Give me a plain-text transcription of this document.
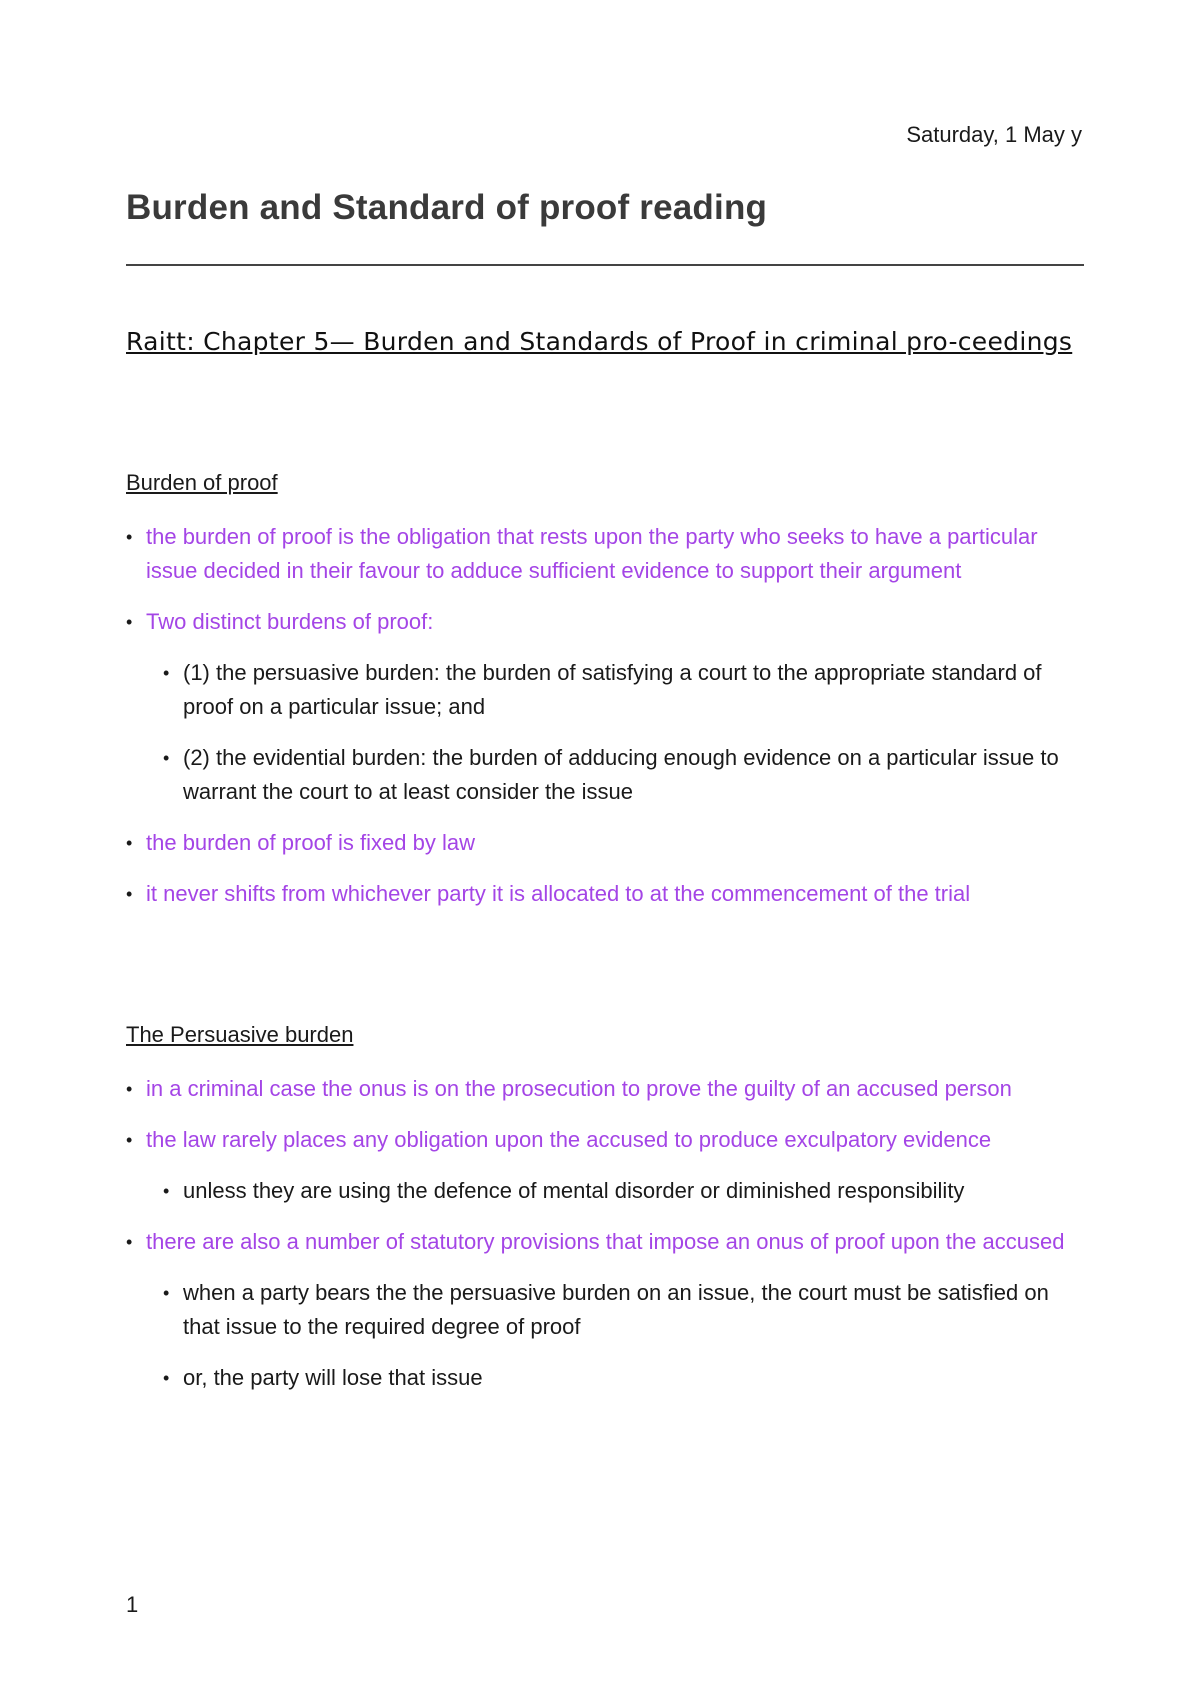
Saturday, 1 May y
Burden and Standard of proof reading
Raitt: Chapter 5— Burden and Standards of Proof in criminal pro-ceedings
Burden of proof
• the burden of proof is the obligation that rests upon the party who seeks to have a particular issue decided in their favour to adduce sufficient evidence to support their argument
• Two distinct burdens of proof:
• (1) the persuasive burden: the burden of satisfying a court to the appropriate standard of proof on a particular issue; and
• (2) the evidential burden: the burden of adducing enough evidence on a particular issue to warrant the court to at least consider the issue
• the burden of proof is fixed by law
• it never shifts from whichever party it is allocated to at the commencement of the trial
The Persuasive burden
• in a criminal case the onus is on the prosecution to prove the guilty of an accused person
• the law rarely places any obligation upon the accused to produce exculpatory evidence
• unless they are using the defence of mental disorder or diminished responsibility
• there are also a number of statutory provisions that impose an onus of proof upon the accused
• when a party bears the the persuasive burden on an issue, the court must be satisfied on that issue to the required degree of proof
• or, the party will lose that issue
1
